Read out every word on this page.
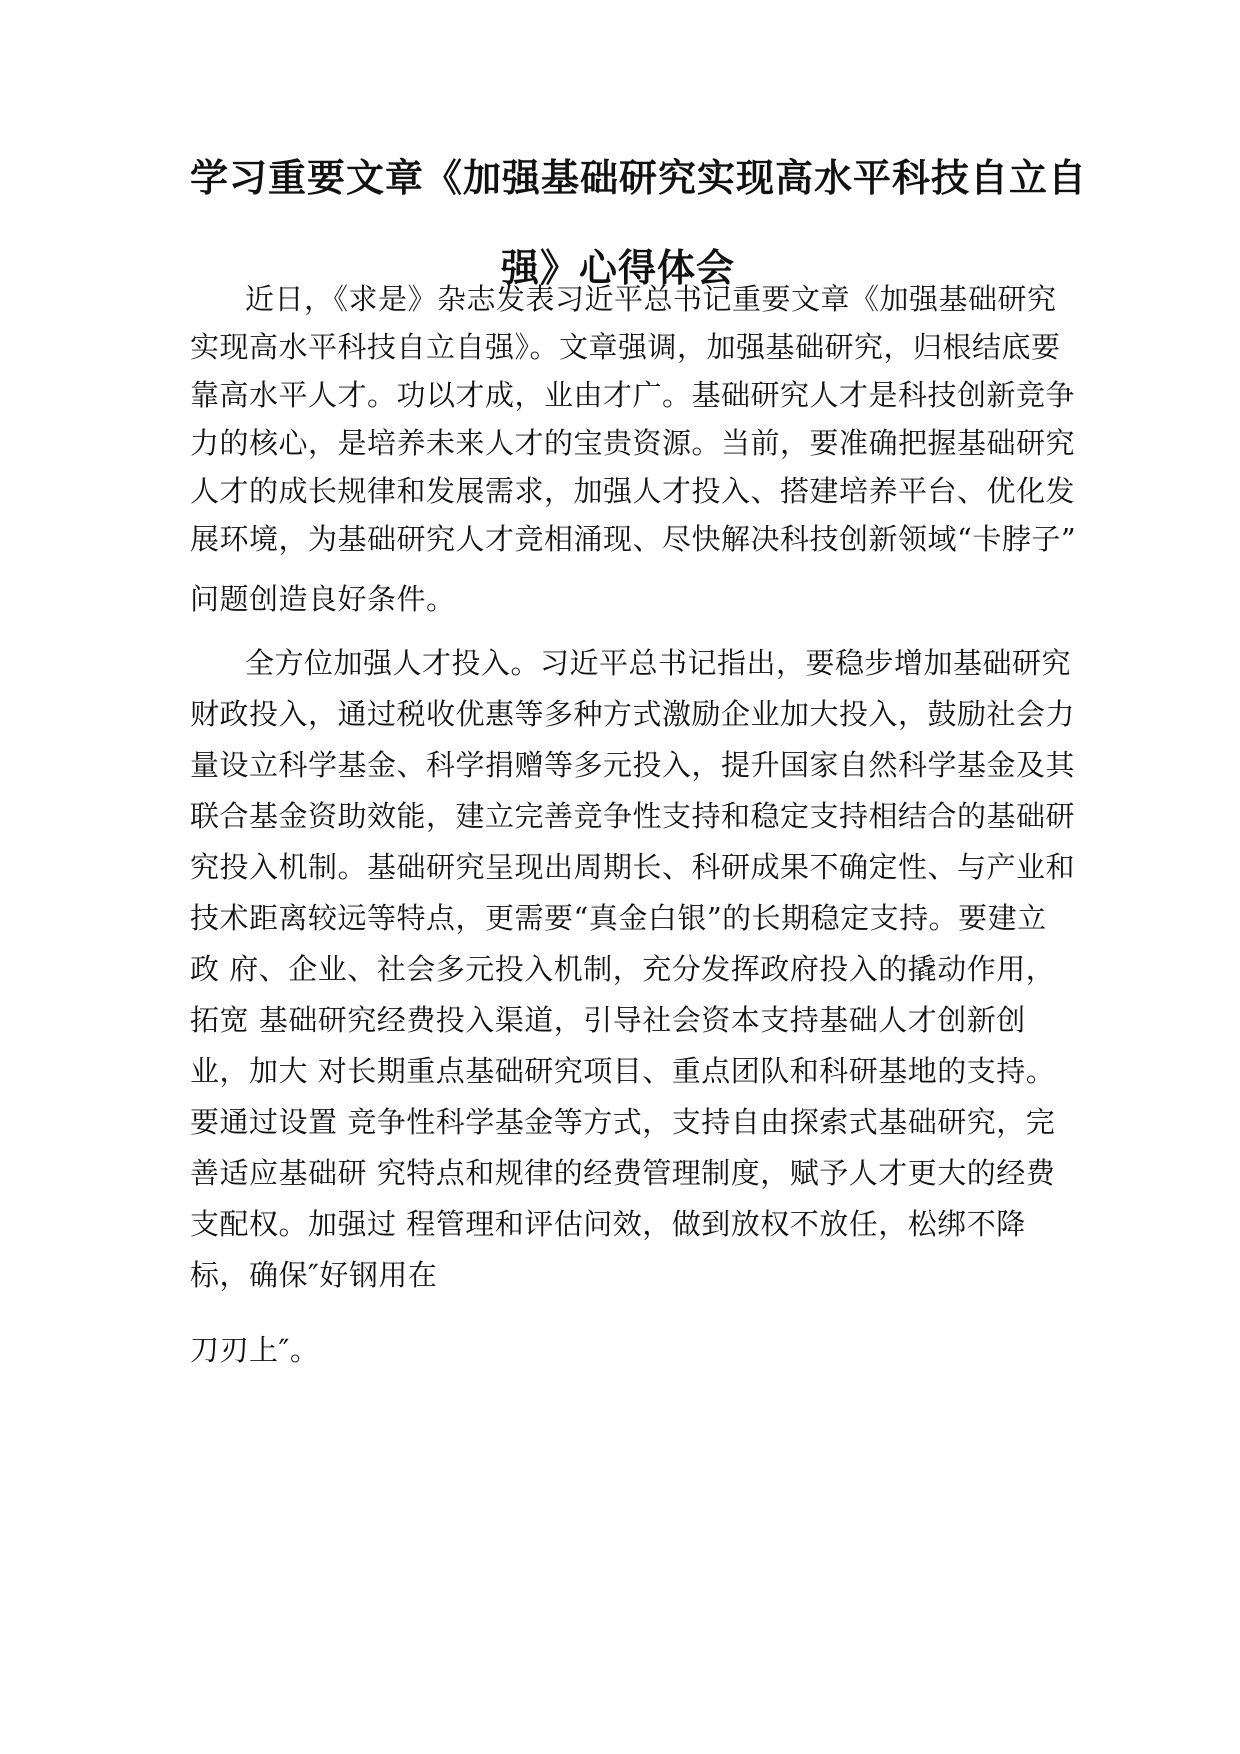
学习重要文章《加强基础研究实现高水平科技自立自
强》心得体会

近日，《求是》杂志发表习近平总书记重要文章《加强基础研究

实现高水平科技自立自强》。文章强调，加强基础研究，归根结底要

靠高水平人才。功以才成，业由才广。基础研究人才是科技创新竞争

力的核心，是培养未来人才的宝贵资源。当前，要准确把握基础研究

人才的成长规律和发展需求，加强人才投入、搭建培养平台、优化发

展环境，为基础研究人才竞相涌现、尽快解决科技创新领域“卡脖子”

问题创造良好条件。

全方位加强人才投入。习近平总书记指出，要稳步增加基础研究

财政投入，通过税收优惠等多种方式激励企业加大投入，鼓励社会力

量设立科学基金、科学捐赠等多元投入，提升国家自然科学基金及其

联合基金资助效能，建立完善竞争性支持和稳定支持相结合的基础研

究投入机制。基础研究呈现出周期长、科研成果不确定性、与产业和

技术距离较远等特点，更需要“真金白银”的长期稳定支持。要建立

政 府、企业、社会多元投入机制，充分发挥政府投入的撬动作用，

拓宽 基础研究经费投入渠道，引导社会资本支持基础人才创新创

业，加大 对长期重点基础研究项目、重点团队和科研基地的支持。

要通过设置 竞争性科学基金等方式，支持自由探索式基础研究，完

善适应基础研 究特点和规律的经费管理制度，赋予人才更大的经费

支配权。加强过 程管理和评估问效，做到放权不放任，松绑不降

标，确保″好钢用在

刀刃上″。
